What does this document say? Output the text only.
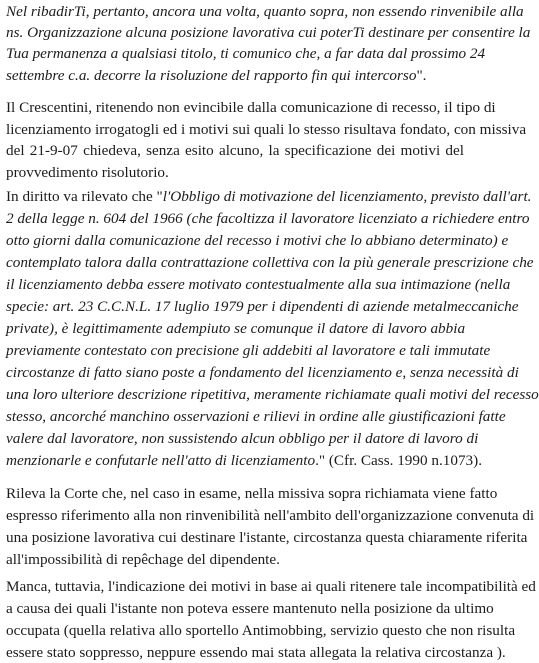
Nel ribadirTi, pertanto, ancora una volta, quanto sopra, non essendo rinvenibile alla
ns. Organizzazione alcuna posizione lavorativa cui poterTi destinare per consentire la
Tua permanenza a qualsiasi titolo, ti comunico che, a far data dal prossimo 24
settembre c.a. decorre la risoluzione del rapporto fin qui intercorso".
Il Crescentini, ritenendo non evincibile dalla comunicazione di recesso, il tipo di
licenziamento irrogatogli ed i motivi sui quali lo stesso risultava fondato, con missiva
del 21-9-07 chiedeva, senza esito alcuno, la specificazione dei motivi del
provvedimento risolutorio.
In diritto va rilevato che "l'Obbligo di motivazione del licenziamento, previsto dall'art.
2 della legge n. 604 del 1966 (che facoltizza il lavoratore licenziato a richiedere entro
otto giorni dalla comunicazione del recesso i motivi che lo abbiano determinato) e
contemplato talora dalla contrattazione collettiva con la più generale prescrizione che
il licenziamento debba essere motivato contestualmente alla sua intimazione (nella
specie: art. 23 C.C.N.L. 17 luglio 1979 per i dipendenti di aziende metalmeccaniche
private), è legittimamente adempiuto se comunque il datore di lavoro abbia
previamente contestato con precisione gli addebiti al lavoratore e tali immutate
circostanze di fatto siano poste a fondamento del licenziamento e, senza necessità di
una loro ulteriore descrizione ripetitiva, meramente richiamate quali motivi del recesso
stesso, ancorché manchino osservazioni e rilievi in ordine alle giustificazioni fatte
valere dal lavoratore, non sussistendo alcun obbligo per il datore di lavoro di
menzionarle e confutarle nell'atto di licenziamento." (Cfr. Cass. 1990 n.1073).
Rileva la Corte che, nel caso in esame, nella missiva sopra richiamata viene fatto
espresso riferimento alla non rinvenibilità nell'ambito dell'organizzazione convenuta di
una posizione lavorativa cui destinare l'istante, circostanza questa chiaramente riferita
all'impossibilità di repêchage del dipendente.
Manca, tuttavia, l'indicazione dei motivi in base ai quali ritenere tale incompatibilità ed
a causa dei quali l'istante non poteva essere mantenuto nella posizione da ultimo
occupata (quella relativa allo sportello Antimobbing, servizio questo che non risulta
essere stato soppresso, neppure essendo mai stata allegata la relativa circostanza ).
